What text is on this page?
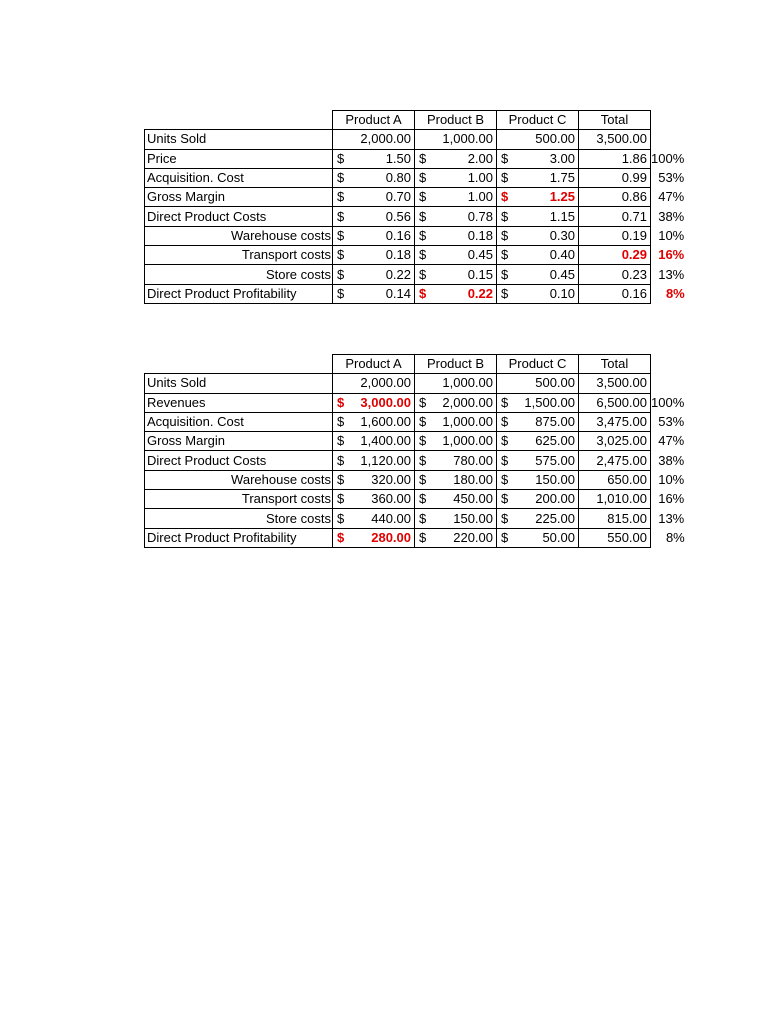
	Product A	Product B	Product C	Total	
Units Sold	2,000.00	1,000.00	500.00	3,500.00	
Price	$ 1.50	$ 2.00	$ 3.00	1.86	100%
Acquisition. Cost	$ 0.80	$ 1.00	$ 1.75	0.99	53%
Gross Margin	$ 0.70	$ 1.00	$ 1.25	0.86	47%
Direct Product Costs	$ 0.56	$ 0.78	$ 1.15	0.71	38%
Warehouse costs	$ 0.16	$ 0.18	$ 0.30	0.19	10%
Transport costs	$ 0.18	$ 0.45	$ 0.40	0.29	16%
Store costs	$ 0.22	$ 0.15	$ 0.45	0.23	13%
Direct Product Profitability	$ 0.14	$ 0.22	$ 0.10	0.16	8%
	Product A	Product B	Product C	Total	
Units Sold	2,000.00	1,000.00	500.00	3,500.00	
Revenues	$ 3,000.00	$ 2,000.00	$ 1,500.00	6,500.00	100%
Acquisition. Cost	$ 1,600.00	$ 1,000.00	$ 875.00	3,475.00	53%
Gross Margin	$ 1,400.00	$ 1,000.00	$ 625.00	3,025.00	47%
Direct Product Costs	$ 1,120.00	$ 780.00	$ 575.00	2,475.00	38%
Warehouse costs	$ 320.00	$ 180.00	$ 150.00	650.00	10%
Transport costs	$ 360.00	$ 450.00	$ 200.00	1,010.00	16%
Store costs	$ 440.00	$ 150.00	$ 225.00	815.00	13%
Direct Product Profitability	$ 280.00	$ 220.00	$ 50.00	550.00	8%
